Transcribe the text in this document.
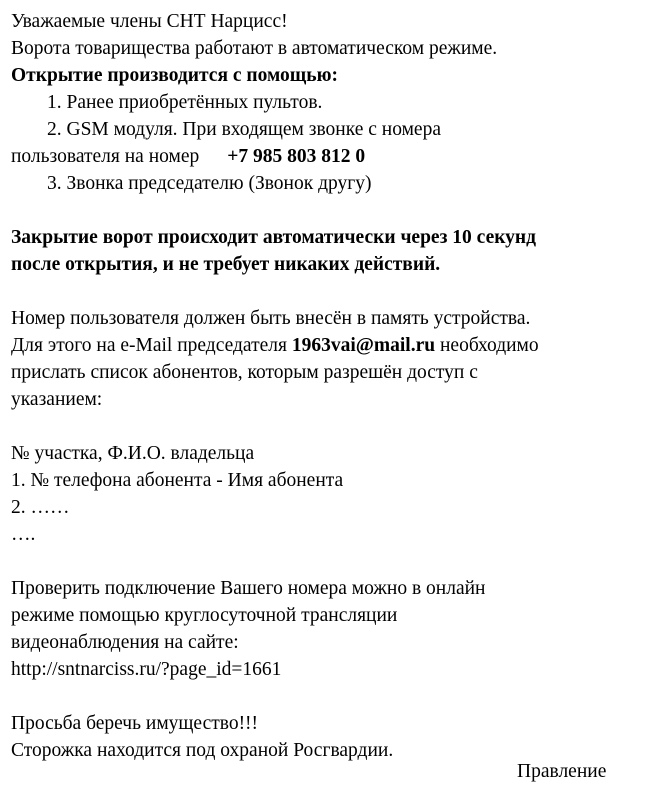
Уважаемые члены СНТ Нарцисс!
Ворота товарищества работают в автоматическом режиме.
Открытие производится с помощью:
1. Ранее приобретённых пультов.
2. GSM модуля. При входящем звонке с номера
пользователя на номер +7 985 803 812 0
3. Звонка председателю (Звонок другу)
Закрытие ворот происходит автоматически через 10 секунд
после открытия, и не требует никаких действий.
Номер пользователя должен быть внесён в память устройства.
Для этого на e-Mail председателя 1963vai@mail.ru необходимо
прислать список абонентов, которым разрешён доступ с
указанием:
№ участка, Ф.И.О. владельца
1. № телефона абонента - Имя абонента
2. ……
….
Проверить подключение Вашего номера можно в онлайн
режиме помощью круглосуточной трансляции
видеонаблюдения на сайте:
http://sntnarciss.ru/?page_id=1661
Просьба беречь имущество!!!
Сторожка находится под охраной Росгвардии.
Правление
